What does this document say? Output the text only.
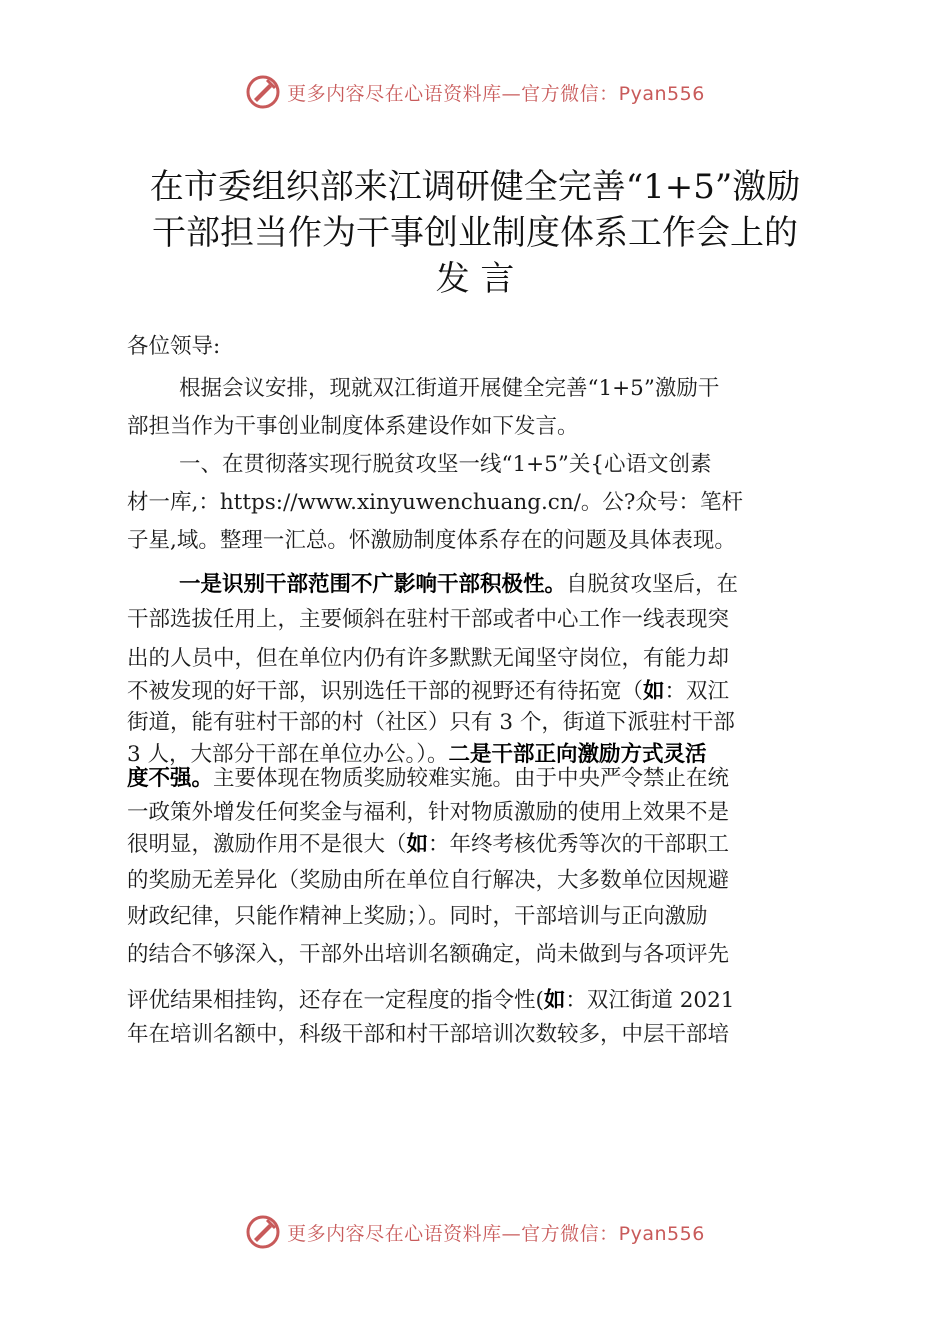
更多内容尽在心语资料库—官方微信：Pyan556
在市委组织部来江调研健全完善“1+5”激励
干部担当作为干事创业制度体系工作会上的
发 言
各位领导:
根据会议安排，现就双江街道开展健全完善“1+5”激励干
部担当作为干事创业制度体系建设作如下发言。
一、在贯彻落实现行脱贫攻坚一线“1+5”关{心语文创素
材一库,：https://www.xinyuwenchuang.cn/。公?众号：笔杆
子星,域。整理一汇总。怀激励制度体系存在的问题及具体表现。
一是识别干部范围不广影响干部积极性。自脱贫攻坚后，在
干部选拔任用上，主要倾斜在驻村干部或者中心工作一线表现突
出的人员中，但在单位内仍有许多默默无闻坚守岗位，有能力却
不被发现的好干部，识别选任干部的视野还有待拓宽（如：双江
街道，能有驻村干部的村（社区）只有 3 个，街道下派驻村干部
3 人，大部分干部在单位办公。）。二是干部正向激励方式灵活
度不强。主要体现在物质奖励较难实施。由于中央严令禁止在统
一政策外增发任何奖金与福利，针对物质激励的使用上效果不是
很明显，激励作用不是很大（如：年终考核优秀等次的干部职工
的奖励无差异化（奖励由所在单位自行解决，大多数单位因规避
财政纪律，只能作精神上奖励；）。同时，干部培训与正向激励
的结合不够深入，干部外出培训名额确定，尚未做到与各项评先
评优结果相挂钩，还存在一定程度的指令性(如：双江街道 2021
年在培训名额中，科级干部和村干部培训次数较多，中层干部培
更多内容尽在心语资料库—官方微信：Pyan556
